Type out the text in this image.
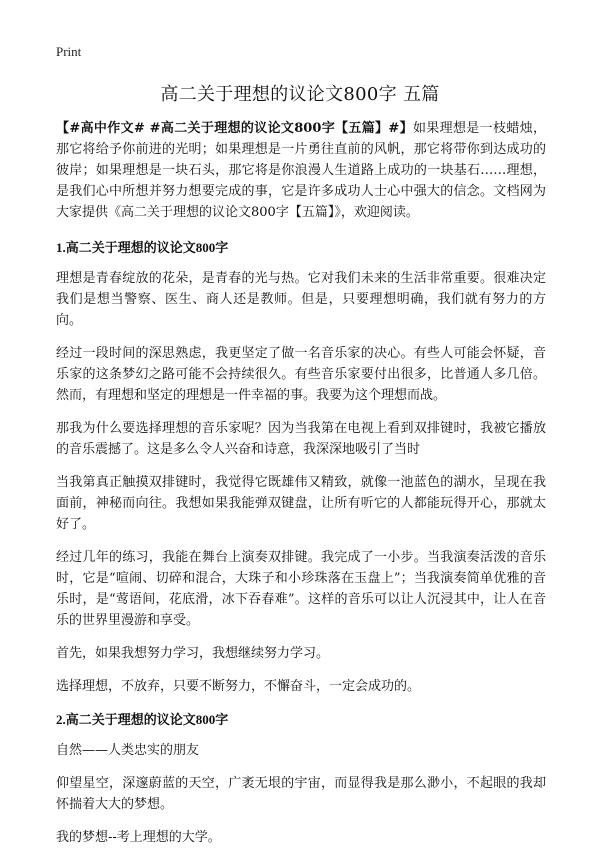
Print
高二关于理想的议论文800字 五篇

【#高中作文# #高二关于理想的议论文800字【五篇】#】如果理想是一枝蜡烛，那它将给予你前进的光明；如果理想是一片勇往直前的风帆，那它将带你到达成功的彼岸；如果理想是一块石头，那它将是你浪漫人生道路上成功的一块基石……理想，是我们心中所想并努力想要完成的事，它是许多成功人士心中强大的信念。文档网为大家提供《高二关于理想的议论文800字【五篇】》，欢迎阅读。

1.高二关于理想的议论文800字

理想是青春绽放的花朵，是青春的光与热。它对我们未来的生活非常重要。很难决定我们是想当警察、医生、商人还是教师。但是，只要理想明确，我们就有努力的方向。

经过一段时间的深思熟虑，我更坚定了做一名音乐家的决心。有些人可能会怀疑，音乐家的这条梦幻之路可能不会持续很久。有些音乐家要付出很多，比普通人多几倍。然而，有理想和坚定的理想是一件幸福的事。我要为这个理想而战。

那我为什么要选择理想的音乐家呢？因为当我第在电视上看到双排键时，我被它播放的音乐震撼了。这是多么令人兴奋和诗意，我深深地吸引了当时

当我第真正触摸双排键时，我觉得它既雄伟又精致，就像一池蓝色的湖水，呈现在我面前，神秘而向往。我想如果我能弹双键盘，让所有听它的人都能玩得开心，那就太好了。

经过几年的练习，我能在舞台上演奏双排键。我完成了一小步。当我演奏活泼的音乐时，它是“喧闹、切碎和混合，大珠子和小珍珠落在玉盘上”；当我演奏简单优雅的音乐时，是“莺语间，花底滑，冰下吞春难”。这样的音乐可以让人沉浸其中，让人在音乐的世界里漫游和享受。

首先，如果我想努力学习，我想继续努力学习。

选择理想，不放弃，只要不断努力，不懈奋斗，一定会成功的。

2.高二关于理想的议论文800字

自然——人类忠实的朋友

仰望星空，深邃蔚蓝的天空，广袤无垠的宇宙，而显得我是那么渺小，不起眼的我却怀揣着大大的梦想。

我的梦想--考上理想的大学。
